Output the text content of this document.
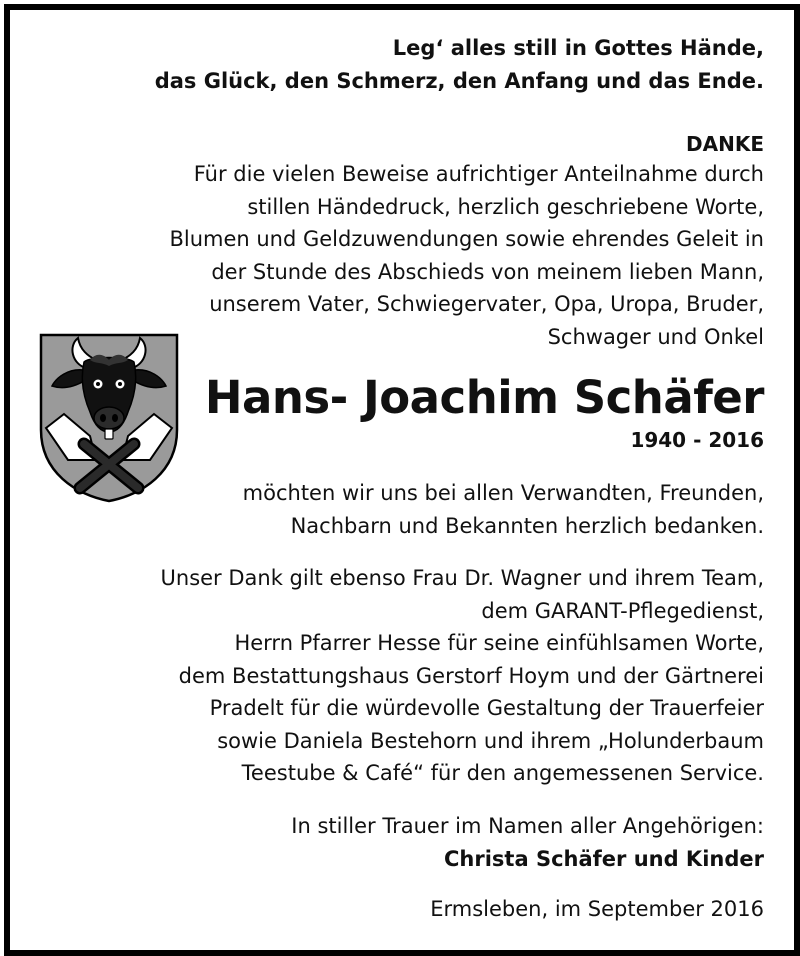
Leg‘ alles still in Gottes Hände,
das Glück, den Schmerz, den Anfang und das Ende.
DANKE
Für die vielen Beweise aufrichtiger Anteilnahme durch
stillen Händedruck, herzlich geschriebene Worte,
Blumen und Geldzuwendungen sowie ehrendes Geleit in
der Stunde des Abschieds von meinem lieben Mann,
unserem Vater, Schwiegervater, Opa, Uropa, Bruder,
Schwager und Onkel
Hans- Joachim Schäfer
1940 - 2016
möchten wir uns bei allen Verwandten, Freunden,
Nachbarn und Bekannten herzlich bedanken.
Unser Dank gilt ebenso Frau Dr. Wagner und ihrem Team,
dem GARANT-Pflegedienst,
Herrn Pfarrer Hesse für seine einfühlsamen Worte,
dem Bestattungshaus Gerstorf Hoym und der Gärtnerei
Pradelt für die würdevolle Gestaltung der Trauerfeier
sowie Daniela Bestehorn und ihrem „Holunderbaum
Teestube & Café“ für den angemessenen Service.
In stiller Trauer im Namen aller Angehörigen:
Christa Schäfer und Kinder
Ermsleben, im September 2016
